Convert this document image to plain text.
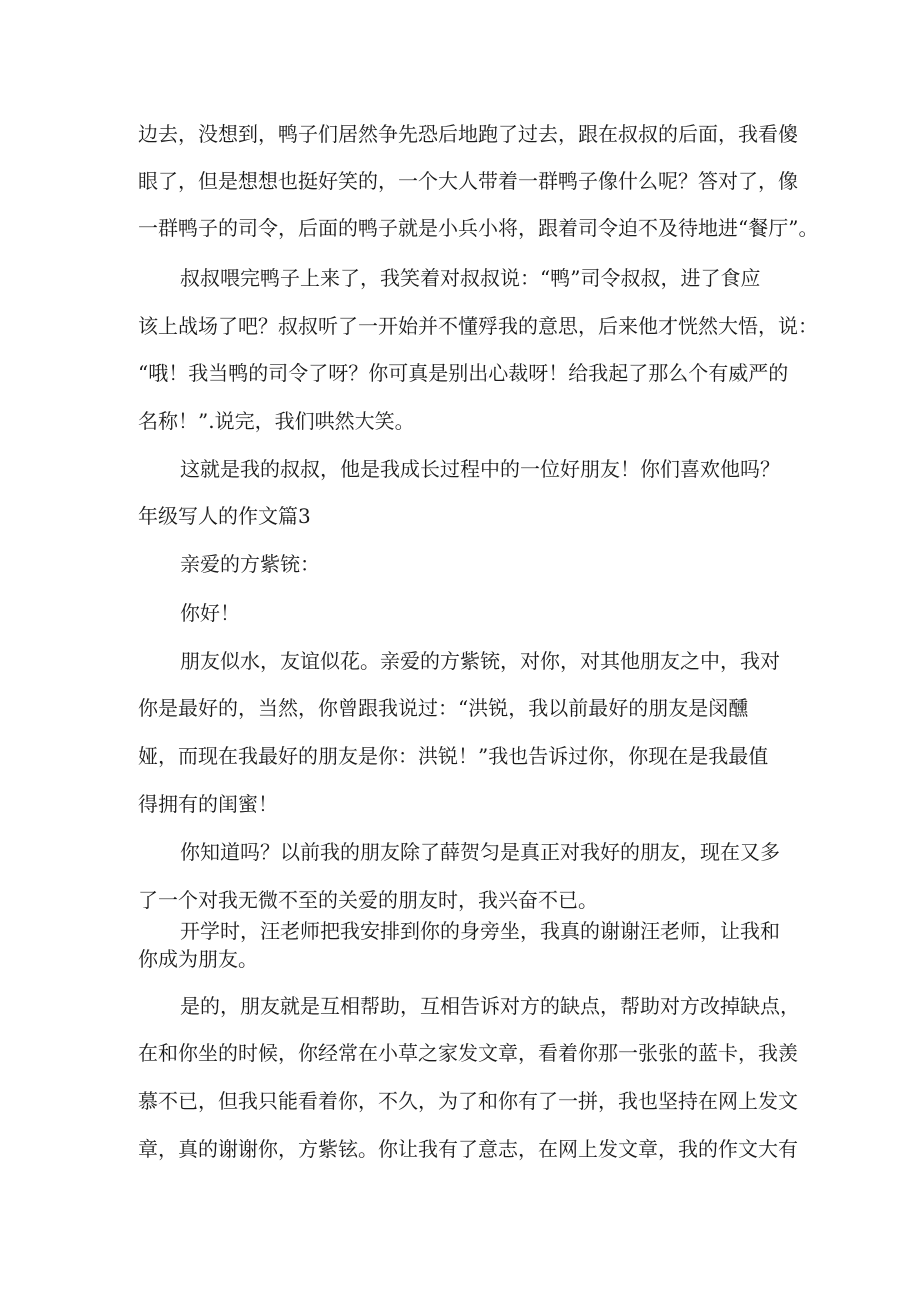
边去，没想到，鸭子们居然争先恐后地跑了过去，跟在叔叔的后面，我看傻
眼了，但是想想也挺好笑的，一个大人带着一群鸭子像什么呢？答对了，像
一群鸭子的司令，后面的鸭子就是小兵小将，跟着司令迫不及待地进“餐厅”。
叔叔喂完鸭子上来了，我笑着对叔叔说：“鸭”司令叔叔，进了食应
该上战场了吧？叔叔听了一开始并不懂殍我的意思，后来他才恍然大悟，说：
“哦！我当鸭的司令了呀？你可真是别出心裁呀！给我起了那么个有威严的
名称！”.说完，我们哄然大笑。
这就是我的叔叔，他是我成长过程中的一位好朋友！你们喜欢他吗？
年级写人的作文篇3
亲爱的方紫铳：
你好！
朋友似水，友谊似花。亲爱的方紫铳，对你，对其他朋友之中，我对
你是最好的，当然，你曾跟我说过：“洪锐，我以前最好的朋友是闵醺
娅，而现在我最好的朋友是你：洪锐！”我也告诉过你，你现在是我最值
得拥有的闺蜜！
你知道吗？以前我的朋友除了薛贺匀是真正对我好的朋友，现在又多
了一个对我无微不至的关爱的朋友时，我兴奋不已。
开学时，汪老师把我安排到你的身旁坐，我真的谢谢汪老师，让我和
你成为朋友。
是的，朋友就是互相帮助，互相告诉对方的缺点，帮助对方改掉缺点，
在和你坐的时候，你经常在小草之家发文章，看着你那一张张的蓝卡，我羡
慕不已，但我只能看着你，不久，为了和你有了一拼，我也坚持在网上发文
章，真的谢谢你，方紫铉。你让我有了意志，在网上发文章，我的作文大有
